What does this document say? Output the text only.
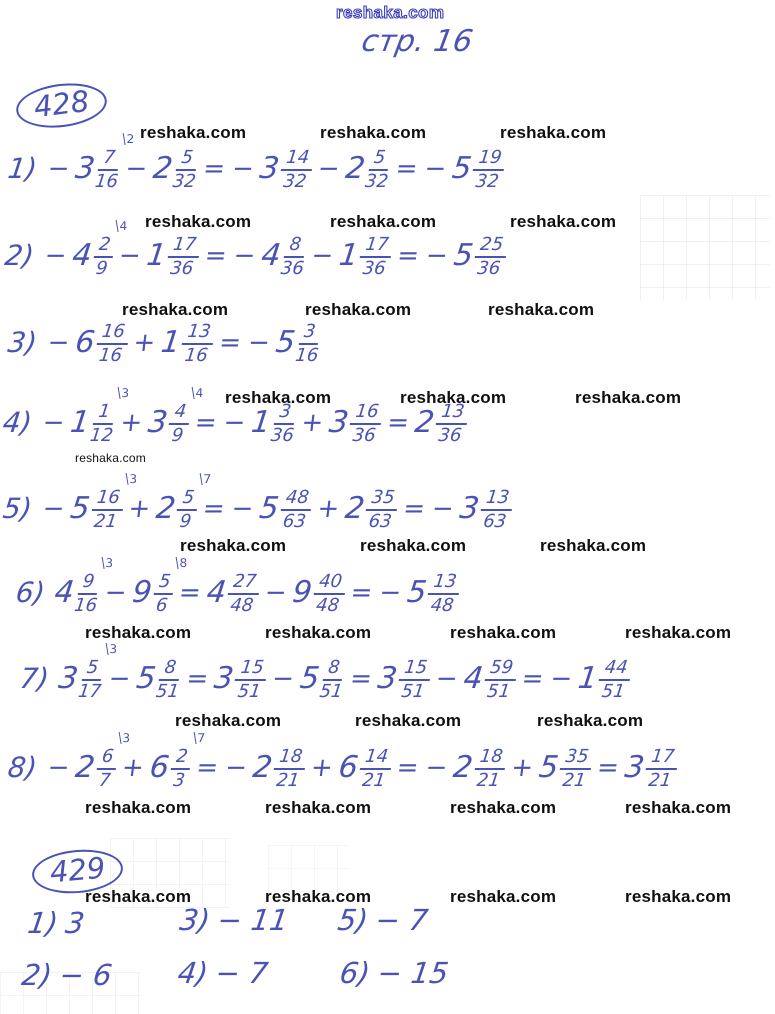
reshaka.com
стр. 16
428
429
reshaka.com	reshaka.com	reshaka.com
reshaka.com	reshaka.com	reshaka.com
reshaka.com	reshaka.com	reshaka.com
reshaka.com	reshaka.com	reshaka.com
reshaka.com
reshaka.com	reshaka.com	reshaka.com
reshaka.com	reshaka.com	reshaka.com	reshaka.com
reshaka.com	reshaka.com	reshaka.com
reshaka.com	reshaka.com	reshaka.com	reshaka.com
reshaka.com	reshaka.com	reshaka.com	reshaka.com
1) − 3
2
$\frac{7}{16} - 2$
$\frac{5}{32}$ = − 3
$\frac{14}{32} - 2$
$\frac{5}{32}$ = − 5
$\frac{19}{32}$
2) − 4
4
$\frac{2}{9} - 1$
$\frac{17}{36}$ = − 4
$\frac{8}{36} - 1$
$\frac{17}{36}$ = − 5
$\frac{25}{36}$
3) − 6
$\frac{16}{16} + 1$
$\frac{13}{16}$ = − 5
$\frac{3}{16}$
4) − 1
3
$\frac{1}{12} + 3$
4
$\frac{4}{9}$ = − 1
$\frac{3}{36} + 3$
$\frac{16}{36} = 2$
$\frac{13}{36}$
5) − 5
3
$\frac{16}{21} + 2$
7
$\frac{5}{9}$ = − 5
$\frac{48}{63} + 2$
$\frac{35}{63}$ = − 3
$\frac{13}{63}$
6) 4
3
$\frac{9}{16} - 9$
8
$\frac{5}{6} = 4$
$\frac{27}{48} - 9$
$\frac{40}{48}$ = − 5
$\frac{13}{48}$
7) 3
3
$\frac{5}{17} - 5$
$\frac{8}{51} = 3$
$\frac{15}{51} - 5$
$\frac{8}{51} = 3$
$\frac{15}{51} - 4$
$\frac{59}{51}$ = − 1
$\frac{44}{51}$
8) − 2
3
$\frac{6}{7} + 6$
7
$\frac{2}{3}$ = − 2
$\frac{18}{21} + 6$
$\frac{14}{21}$ = − 2
$\frac{18}{21} + 5$
$\frac{35}{21} = 3$
$\frac{17}{21}$
1) 3	3) − 11 5) − 7
2) − 6 4) − 7 6) − 15
